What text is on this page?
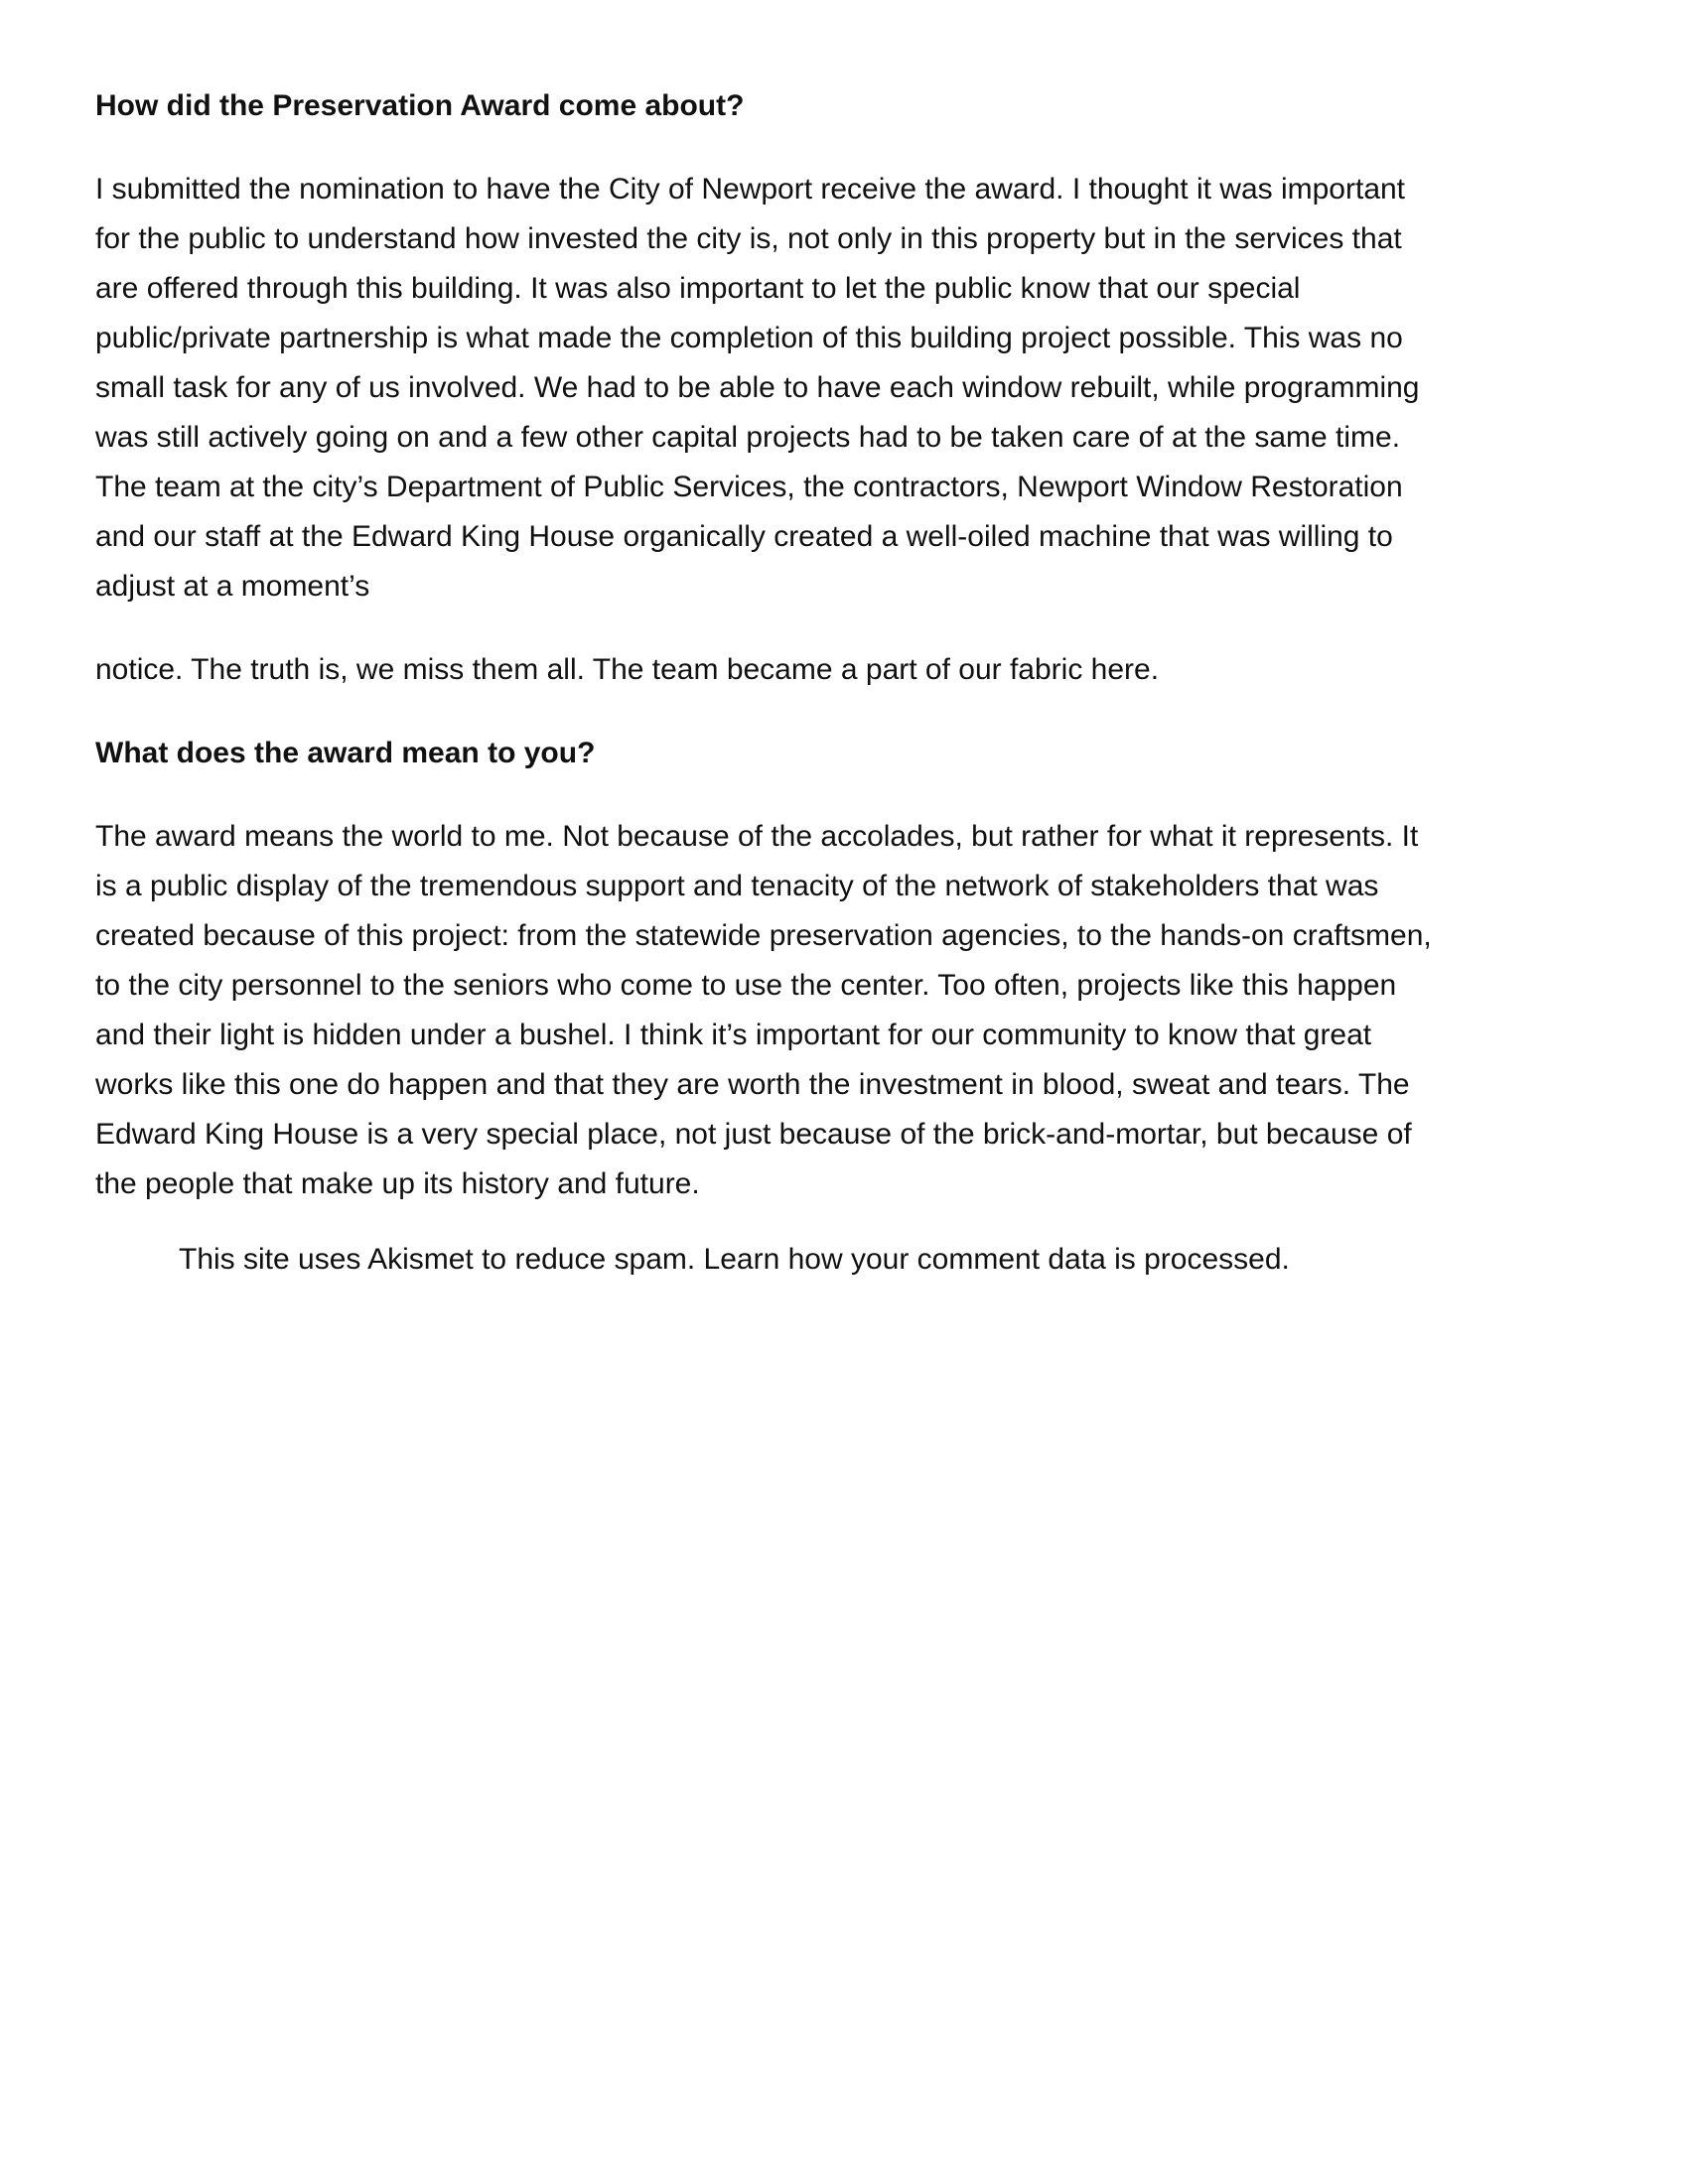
How did the Preservation Award come about?
I submitted the nomination to have the City of Newport receive the award. I thought it was important
for the public to understand how invested the city is, not only in this property but in the services that
are offered through this building. It was also important to let the public know that our special
public/private partnership is what made the completion of this building project possible. This was no
small task for any of us involved. We had to be able to have each window rebuilt, while programming
was still actively going on and a few other capital projects had to be taken care of at the same time.
The team at the city’s Department of Public Services, the contractors, Newport Window Restoration
and our staff at the Edward King House organically created a well-oiled machine that was willing to
adjust at a moment’s
notice. The truth is, we miss them all. The team became a part of our fabric here.
What does the award mean to you?
The award means the world to me. Not because of the accolades, but rather for what it represents. It
is a public display of the tremendous support and tenacity of the network of stakeholders that was
created because of this project: from the statewide preservation agencies, to the hands-on craftsmen,
to the city personnel to the seniors who come to use the center. Too often, projects like this happen
and their light is hidden under a bushel. I think it’s important for our community to know that great
works like this one do happen and that they are worth the investment in blood, sweat and tears. The
Edward King House is a very special place, not just because of the brick-and-mortar, but because of
the people that make up its history and future.
This site uses Akismet to reduce spam. Learn how your comment data is processed.
